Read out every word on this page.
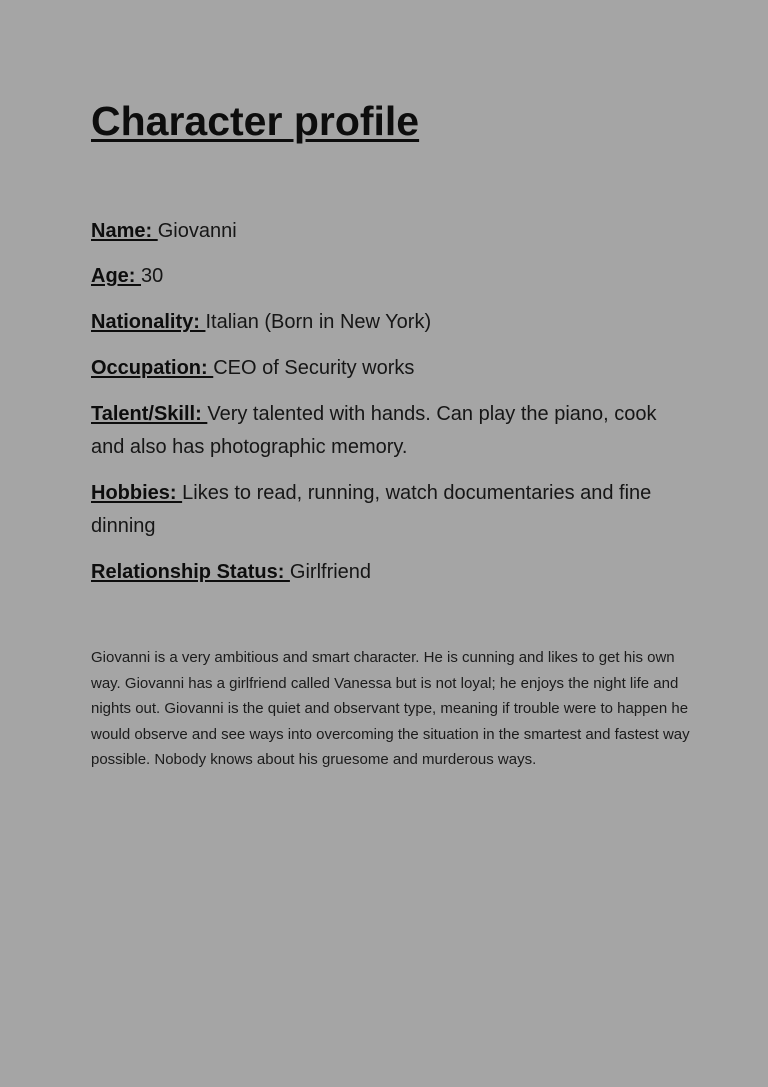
Character profile

Name: Giovanni

Age: 30

Nationality: Italian (Born in New York)

Occupation: CEO of Security works

Talent/Skill: Very talented with hands. Can play the piano, cook and also has photographic memory.

Hobbies: Likes to read, running, watch documentaries and fine dinning

Relationship Status: Girlfriend

Giovanni is a very ambitious and smart character. He is cunning and likes to get his own way. Giovanni has a girlfriend called Vanessa but is not loyal; he enjoys the night life and nights out. Giovanni is the quiet and observant type, meaning if trouble were to happen he would observe and see ways into overcoming the situation in the smartest and fastest way possible. Nobody knows about his gruesome and murderous ways.
